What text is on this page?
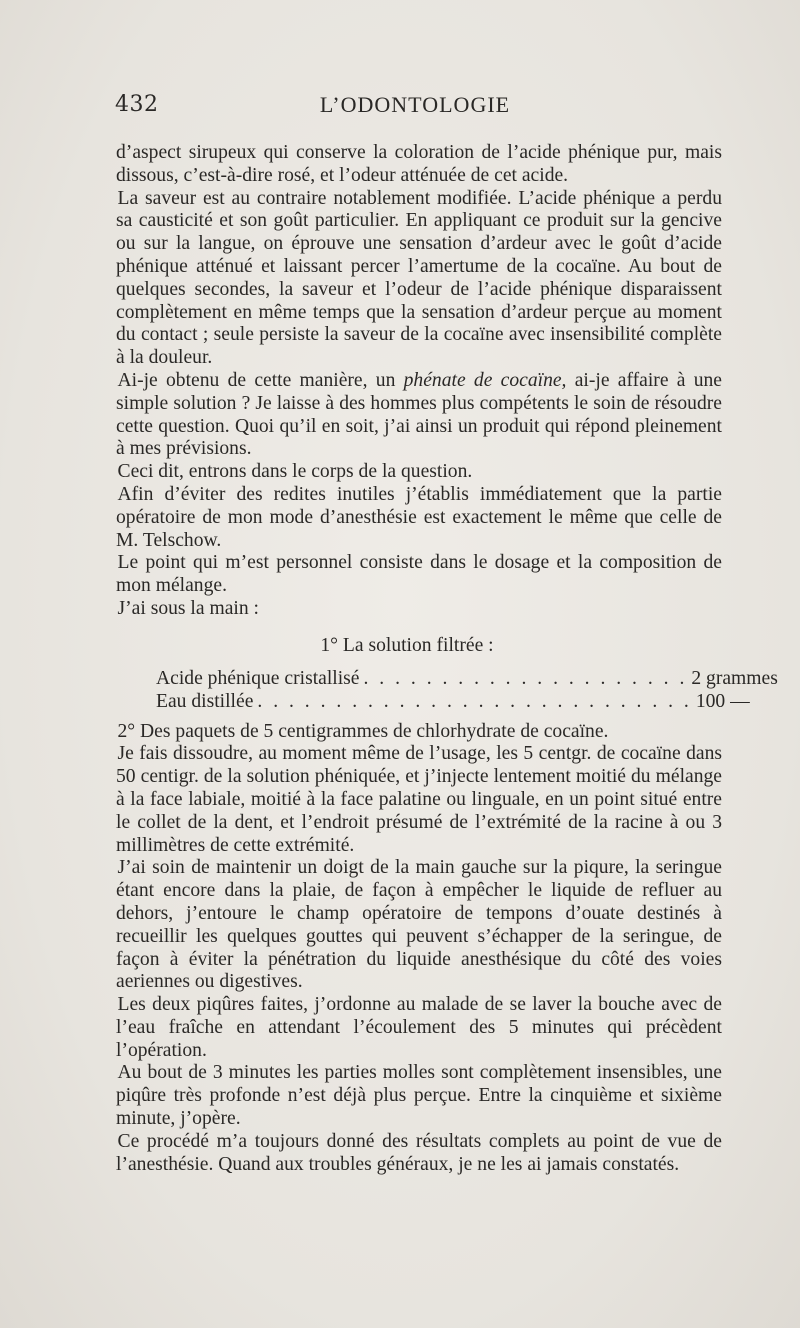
432	L’ODONTOLOGIE

d’aspect sirupeux qui conserve la coloration de l’acide phénique pur, mais dissous, c’est-à-dire rosé, et l’odeur atténuée de cet acide.

La saveur est au contraire notablement modifiée. L’acide phénique a perdu sa causticité et son goût particulier. En appliquant ce produit sur la gencive ou sur la langue, on éprouve une sensation d’ardeur avec le goût d’acide phénique atténué et laissant percer l’amertume de la cocaïne. Au bout de quelques secondes, la saveur et l’odeur de l’acide phénique disparaissent complètement en même temps que la sensation d’ardeur perçue au moment du contact ; seule persiste la saveur de la cocaïne avec insensibilité complète à la douleur.

Ai-je obtenu de cette manière, un phénate de cocaïne, ai-je affaire à une simple solution ? Je laisse à des hommes plus compétents le soin de résoudre cette question. Quoi qu’il en soit, j’ai ainsi un produit qui répond pleinement à mes prévisions.

Ceci dit, entrons dans le corps de la question.

Afin d’éviter des redites inutiles j’établis immédiatement que la partie opératoire de mon mode d’anesthésie est exactement le même que celle de M. Telschow.

Le point qui m’est personnel consiste dans le dosage et la composition de mon mélange.

J’ai sous la main :

1° La solution filtrée :
Acide phénique cristallisé . . . . . . . . . . . . . . . . . . . . . 2 grammes
Eau distillée . . . . . . . . . . . . . . . . . . . . . . . . . . . . 100 —

2° Des paquets de 5 centigrammes de chlorhydrate de cocaïne.

Je fais dissoudre, au moment même de l’usage, les 5 centgr. de cocaïne dans 50 centigr. de la solution phéniquée, et j’injecte lentement moitié du mélange à la face labiale, moitié à la face palatine ou linguale, en un point situé entre le collet de la dent, et l’endroit présumé de l’extrémité de la racine à ou 3 millimètres de cette extrémité.

J’ai soin de maintenir un doigt de la main gauche sur la piqure, la seringue étant encore dans la plaie, de façon à empêcher le liquide de refluer au dehors, j’entoure le champ opératoire de tempons d’ouate destinés à recueillir les quelques gouttes qui peuvent s’échapper de la seringue, de façon à éviter la pénétration du liquide anesthésique du côté des voies aeriennes ou digestives.

Les deux piqûres faites, j’ordonne au malade de se laver la bouche avec de l’eau fraîche en attendant l’écoulement des 5 minutes qui précèdent l’opération.

Au bout de 3 minutes les parties molles sont complètement insensibles, une piqûre très profonde n’est déjà plus perçue. Entre la cinquième et sixième minute, j’opère.

Ce procédé m’a toujours donné des résultats complets au point de vue de l’anesthésie. Quand aux troubles généraux, je ne les ai jamais constatés.
